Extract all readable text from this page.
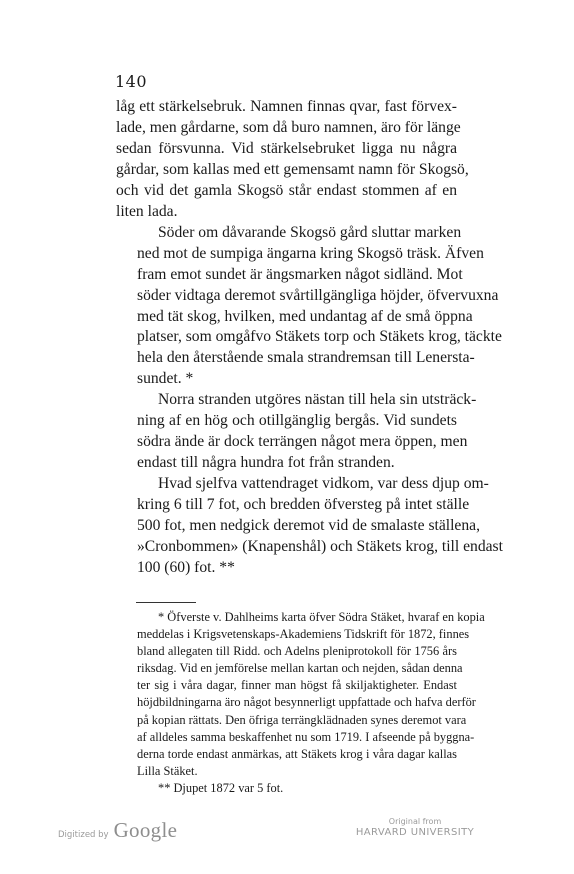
140

låg ett stärkelsebruk. Namnen finnas qvar, fast förvex-
lade, men gårdarne, som då buro namnen, äro för länge
sedan försvunna. Vid stärkelsebruket ligga nu några
gårdar, som kallas med ett gemensamt namn för Skogsö,
och vid det gamla Skogsö står endast stommen af en
liten lada.

Söder om dåvarande Skogsö gård sluttar marken
ned mot de sumpiga ängarna kring Skogsö träsk. Äfven
fram emot sundet är ängsmarken något sidländ. Mot
söder vidtaga deremot svårtillgängliga höjder, öfvervuxna
med tät skog, hvilken, med undantag af de små öppna
platser, som omgåfvo Stäkets torp och Stäkets krog, täckte
hela den återstående smala strandremsan till Lenersta-
sundet. *

Norra stranden utgöres nästan till hela sin utsträck-
ning af en hög och otillgänglig bergås. Vid sundets
södra ände är dock terrängen något mera öppen, men
endast till några hundra fot från stranden.

Hvad sjelfva vattendraget vidkom, var dess djup om-
kring 6 till 7 fot, och bredden öfversteg på intet ställe
500 fot, men nedgick deremot vid de smalaste ställena,
»Cronbommen» (Knapenshål) och Stäkets krog, till endast
100 (60) fot. **

* Öfverste v. Dahlheims karta öfver Södra Stäket, hvaraf en kopia
meddelas i Krigsvetenskaps-Akademiens Tidskrift för 1872, finnes
bland allegaten till Ridd. och Adelns pleniprotokoll för 1756 års
riksdag. Vid en jemförelse mellan kartan och nejden, sådan denna
ter sig i våra dagar, finner man högst få skiljaktigheter. Endast
höjdbildningarna äro något besynnerligt uppfattade och hafva derför
på kopian rättats. Den öfriga terrängklädnaden synes deremot vara
af alldeles samma beskaffenhet nu som 1719. I afseende på byggna-
derna torde endast anmärkas, att Stäkets krog i våra dagar kallas
Lilla Stäket.

** Djupet 1872 var 5 fot.

Digitized by Google	Original from
HARVARD UNIVERSITY
